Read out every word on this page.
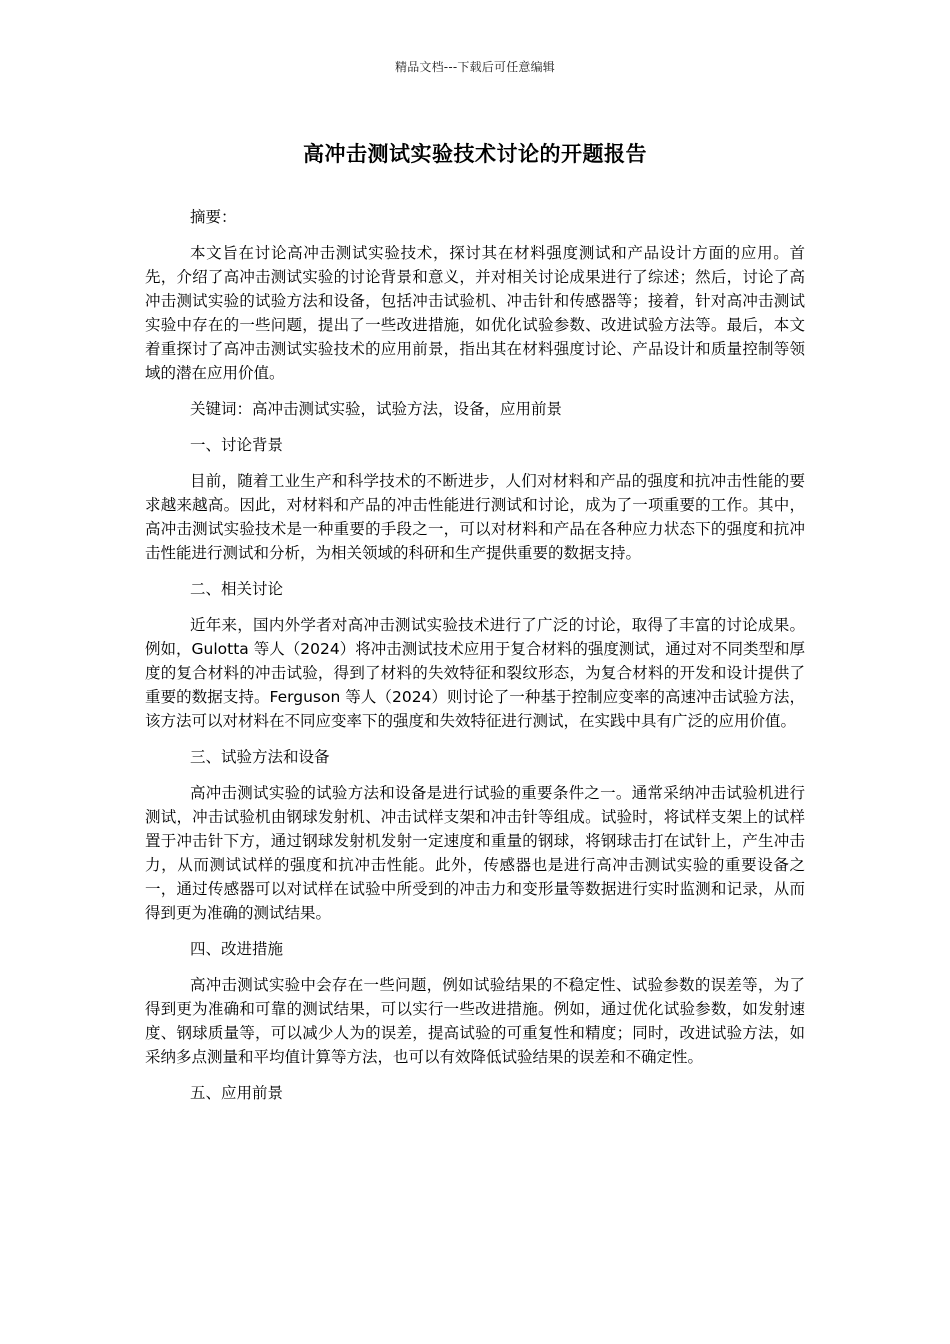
精品文档---下载后可任意编辑
高冲击测试实验技术讨论的开题报告

摘要：

本文旨在讨论高冲击测试实验技术，探讨其在材料强度测试和产品设计方面的应用。首先，介绍了高冲击测试实验的讨论背景和意义，并对相关讨论成果进行了综述；然后，讨论了高冲击测试实验的试验方法和设备，包括冲击试验机、冲击针和传感器等；接着，针对高冲击测试实验中存在的一些问题，提出了一些改进措施，如优化试验参数、改进试验方法等。最后，本文着重探讨了高冲击测试实验技术的应用前景，指出其在材料强度讨论、产品设计和质量控制等领域的潜在应用价值。

关键词：高冲击测试实验，试验方法，设备，应用前景

一、讨论背景

目前，随着工业生产和科学技术的不断进步，人们对材料和产品的强度和抗冲击性能的要求越来越高。因此，对材料和产品的冲击性能进行测试和讨论，成为了一项重要的工作。其中，高冲击测试实验技术是一种重要的手段之一，可以对材料和产品在各种应力状态下的强度和抗冲击性能进行测试和分析，为相关领域的科研和生产提供重要的数据支持。

二、相关讨论

近年来，国内外学者对高冲击测试实验技术进行了广泛的讨论，取得了丰富的讨论成果。例如，Gulotta 等人（2024）将冲击测试技术应用于复合材料的强度测试，通过对不同类型和厚度的复合材料的冲击试验，得到了材料的失效特征和裂纹形态，为复合材料的开发和设计提供了重要的数据支持。Ferguson 等人（2024）则讨论了一种基于控制应变率的高速冲击试验方法，该方法可以对材料在不同应变率下的强度和失效特征进行测试，在实践中具有广泛的应用价值。

三、试验方法和设备

高冲击测试实验的试验方法和设备是进行试验的重要条件之一。通常采纳冲击试验机进行测试，冲击试验机由钢球发射机、冲击试样支架和冲击针等组成。试验时，将试样支架上的试样置于冲击针下方，通过钢球发射机发射一定速度和重量的钢球，将钢球击打在试针上，产生冲击力，从而测试试样的强度和抗冲击性能。此外，传感器也是进行高冲击测试实验的重要设备之一，通过传感器可以对试样在试验中所受到的冲击力和变形量等数据进行实时监测和记录，从而得到更为准确的测试结果。

四、改进措施

高冲击测试实验中会存在一些问题，例如试验结果的不稳定性、试验参数的误差等，为了得到更为准确和可靠的测试结果，可以实行一些改进措施。例如，通过优化试验参数，如发射速度、钢球质量等，可以减少人为的误差，提高试验的可重复性和精度；同时，改进试验方法，如采纳多点测量和平均值计算等方法，也可以有效降低试验结果的误差和不确定性。

五、应用前景
